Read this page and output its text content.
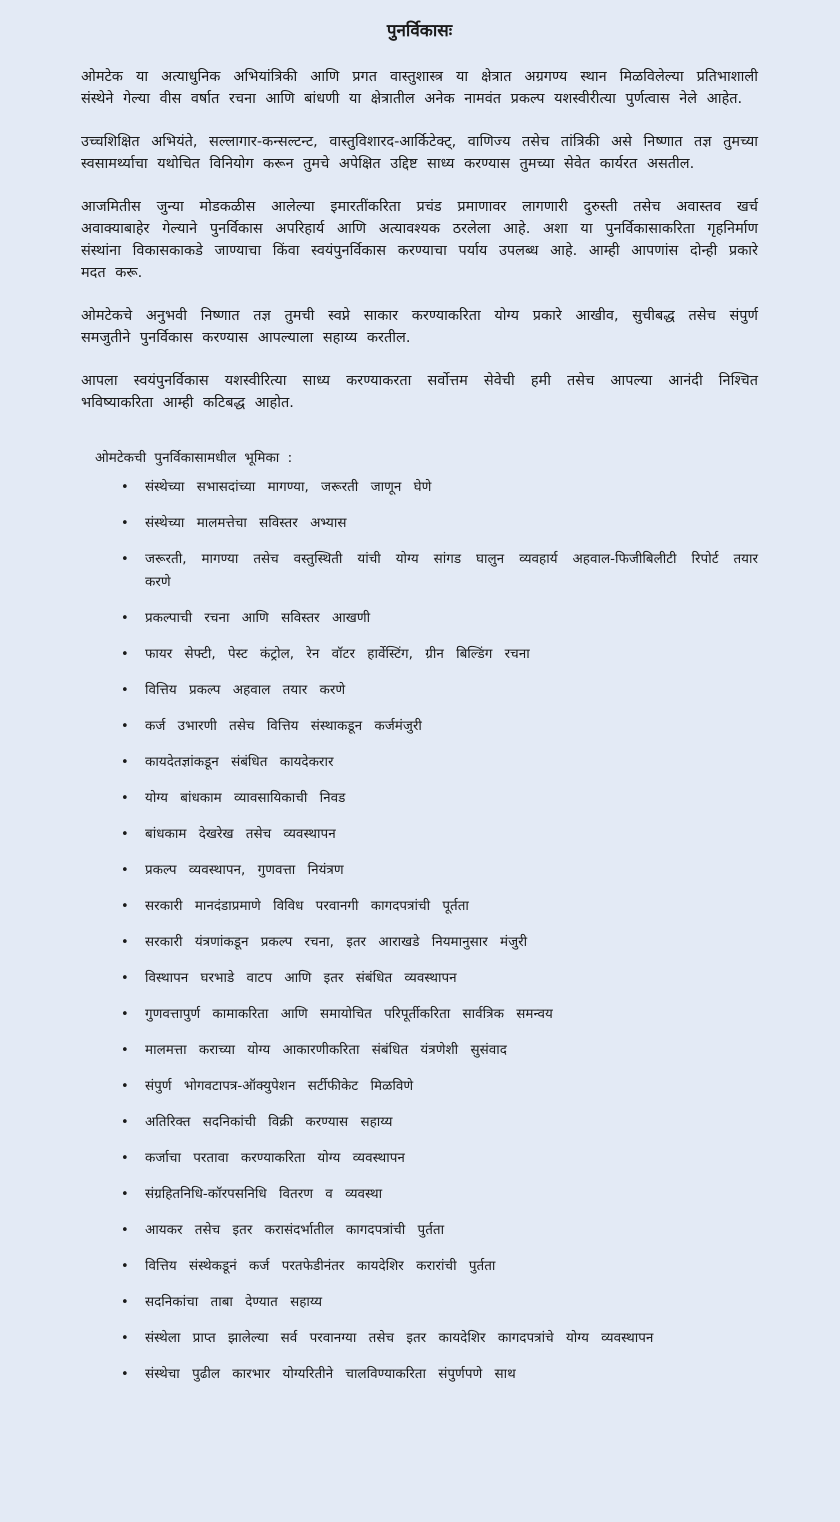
पुनर्विकासः

ओमटेक या अत्याधुनिक अभियांत्रिकी आणि प्रगत वास्तुशास्त्र या क्षेत्रात अग्रगण्य स्थान मिळविलेल्या प्रतिभाशाली संस्थेने गेल्या वीस वर्षात रचना आणि बांधणी या क्षेत्रातील अनेक नामवंत प्रकल्प यशस्वीरीत्या पुर्णत्वास नेले आहेत.

उच्चशिक्षित अभियंते, सल्लागार-कन्सल्टन्ट, वास्तुविशारद-आर्किटेक्ट्, वाणिज्य तसेच तांत्रिकी असे निष्णात तज्ञ तुमच्या स्वसामर्थ्याचा यथोचित विनियोग करून तुमचे अपेक्षित उद्दिष्ट साध्य करण्यास तुमच्या सेवेत कार्यरत असतील.

आजमितीस जुन्या मोडकळीस आलेल्या इमारतींकरिता प्रचंड प्रमाणावर लागणारी दुरुस्ती तसेच अवास्तव खर्च अवाक्याबाहेर गेल्याने पुनर्विकास अपरिहार्य आणि अत्यावश्यक ठरलेला आहे. अशा या पुनर्विकासाकरिता गृहनिर्माण संस्थांना विकासकाकडे जाण्याचा किंवा स्वयंपुनर्विकास करण्याचा पर्याय उपलब्ध आहे. आम्ही आपणांस दोन्ही प्रकारे मदत करू.

ओमटेकचे अनुभवी निष्णात तज्ञ तुमची स्वप्ने साकार करण्याकरिता योग्य प्रकारे आखीव, सुचीबद्ध तसेच संपुर्ण समजुतीने पुनर्विकास करण्यास आपल्याला सहाय्य करतील.

आपला स्वयंपुनर्विकास यशस्वीरित्या साध्य करण्याकरता सर्वोत्तम सेवेची हमी तसेच आपल्या आनंदी निश्चित भविष्याकरिता आम्ही कटिबद्ध आहोत.

ओमटेकची पुनर्विकासामधील भूमिका :
• संस्थेच्या सभासदांच्या मागण्या, जरूरती जाणून घेणे
• संस्थेच्या मालमत्तेचा सविस्तर अभ्यास
• जरूरती, मागण्या तसेच वस्तुस्थिती यांची योग्य सांगड घालुन व्यवहार्य अहवाल-फिजीबिलीटी रिपोर्ट तयार करणे
• प्रकल्पाची रचना आणि सविस्तर आखणी
• फायर सेफ्टी, पेस्ट कंट्रोल, रेन वॉटर हार्वेस्टिंग, ग्रीन बिल्डिंग रचना
• वित्तिय प्रकल्प अहवाल तयार करणे
• कर्ज उभारणी तसेच वित्तिय संस्थाकडून कर्जमंजुरी
• कायदेतज्ञांकडून संबंधित कायदेकरार
• योग्य बांधकाम व्यावसायिकाची निवड
• बांधकाम देखरेख तसेच व्यवस्थापन
• प्रकल्प व्यवस्थापन, गुणवत्ता नियंत्रण
• सरकारी मानदंडाप्रमाणे विविध परवानगी कागदपत्रांची पूर्तता
• सरकारी यंत्रणांकडून प्रकल्प रचना, इतर आराखडे नियमानुसार मंजुरी
• विस्थापन घरभाडे वाटप आणि इतर संबंधित व्यवस्थापन
• गुणवत्तापुर्ण कामाकरिता आणि समायोचित परिपूर्तीकरिता सार्वत्रिक समन्वय
• मालमत्ता कराच्या योग्य आकारणीकरिता संबंधित यंत्रणेशी सुसंवाद
• संपुर्ण भोगवटापत्र-ऑक्युपेशन सर्टीफीकेट मिळविणे
• अतिरिक्त सदनिकांची विक्री करण्यास सहाय्य
• कर्जाचा परतावा करण्याकरिता योग्य व्यवस्थापन
• संग्रहितनिधि-कॉरपसनिधि वितरण व व्यवस्था
• आयकर तसेच इतर करासंदर्भातील कागदपत्रांची पुर्तता
• वित्तिय संस्थेकडूनं कर्ज परतफेडीनंतर कायदेशिर करारांची पुर्तता
• सदनिकांचा ताबा देण्यात सहाय्य
• संस्थेला प्राप्त झालेल्या सर्व परवानग्या तसेच इतर कायदेशिर कागदपत्रांचे योग्य व्यवस्थापन
• संस्थेचा पुढील कारभार योग्यरितीने चालविण्याकरिता संपुर्णपणे साथ
